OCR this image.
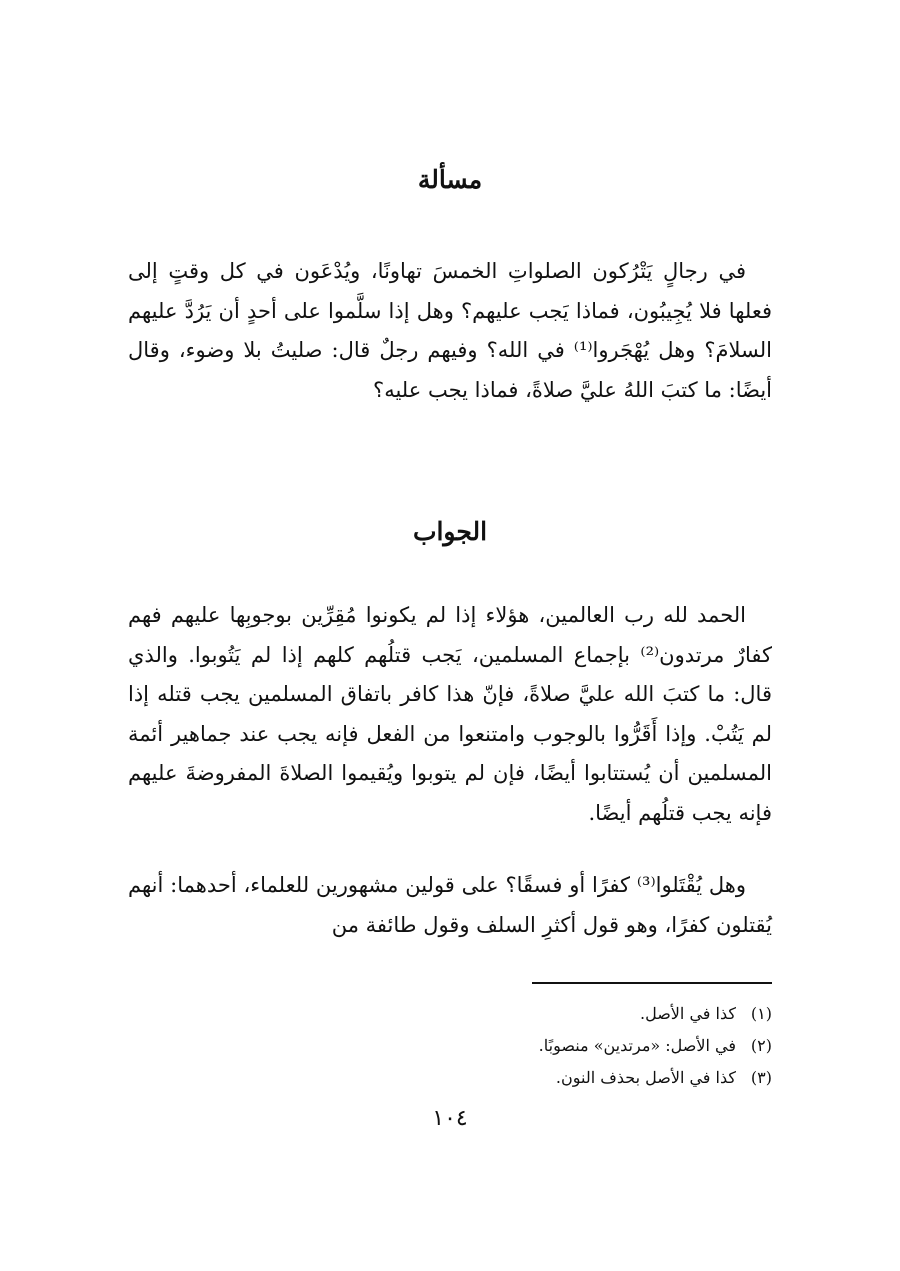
مسألة

في رجالٍ يَتْرُكون الصلواتِ الخمسَ تهاونًا، ويُدْعَون في كل وقتٍ إلى فعلها فلا يُجِيبُون، فماذا يَجب عليهم؟ وهل إذا سلَّموا على أحدٍ أن يَرُدَّ عليهم السلامَ؟ وهل يُهْجَروا⁽¹⁾ في الله؟ وفيهم رجلٌ قال: صليتُ بلا وضوء، وقال أيضًا: ما كتبَ اللهُ عليَّ صلاةً، فماذا يجب عليه؟

الجواب

الحمد لله رب العالمين، هؤلاء إذا لم يكونوا مُقِرِّين بوجوبِها عليهم فهم كفارٌ مرتدون⁽²⁾ بإجماع المسلمين، يَجب قتلُهم كلهم إذا لم يَتُوبوا. والذي قال: ما كتبَ الله عليَّ صلاةً، فإنّ هذا كافر باتفاق المسلمين يجب قتله إذا لم يَتُبْ. وإذا أَقَرُّوا بالوجوب وامتنعوا من الفعل فإنه يجب عند جماهير أئمة المسلمين أن يُستتابوا أيضًا، فإن لم يتوبوا ويُقيموا الصلاةَ المفروضةَ عليهم فإنه يجب قتلُهم أيضًا.

وهل يُقْتَلوا⁽³⁾ كفرًا أو فسقًا؟ على قولين مشهورين للعلماء، أحدهما: أنهم يُقتلون كفرًا، وهو قول أكثرِ السلف وقول طائفة من

(١)كذا في الأصل.
(٢)في الأصل: «مرتدين» منصوبًا.
(٣)كذا في الأصل بحذف النون.
١٠٤
